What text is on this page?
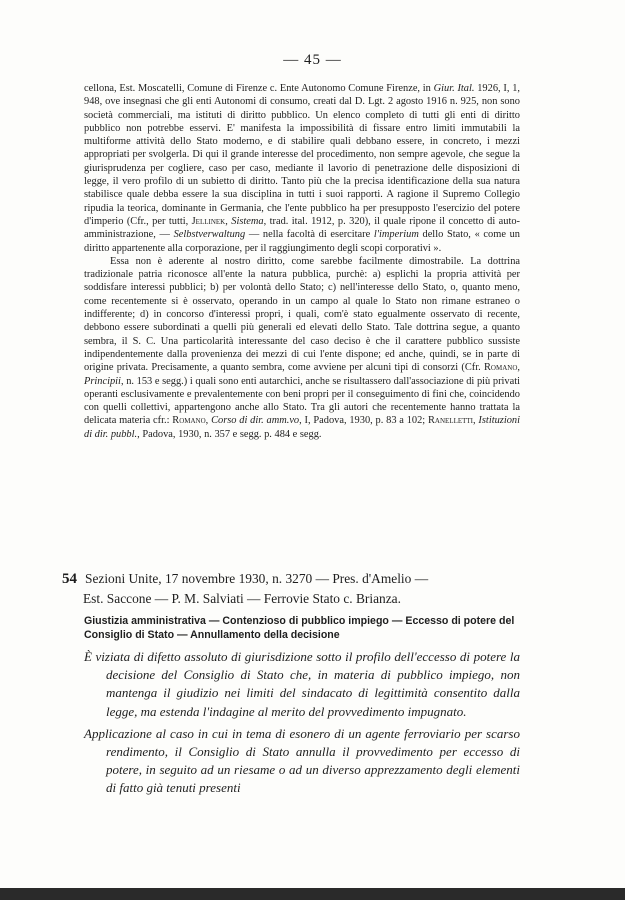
— 45 —

cellona, Est. Moscatelli, Comune di Firenze c. Ente Autonomo Comune Firenze, in Giur. Ital. 1926, I, 1, 948, ove insegnasi che gli enti Autonomi di consumo, creati dal D. Lgt. 2 agosto 1916 n. 925, non sono società commerciali, ma istituti di diritto pubblico. Un elenco completo di tutti gli enti di diritto pubblico non potrebbe esservi. E' manifesta la impossibilità di fissare entro limiti immutabili la multiforme attività dello Stato moderno, e di stabilire quali debbano essere, in concreto, i mezzi appropriati per svolgerla. Di qui il grande interesse del procedimento, non sempre agevole, che segue la giurisprudenza per cogliere, caso per caso, mediante il lavorio di penetrazione delle disposizioni di legge, il vero profilo di un subietto di diritto. Tanto più che la precisa identificazione della sua natura stabilisce quale debba essere la sua disciplina in tutti i suoi rapporti. A ragione il Supremo Collegio ripudia la teorica, dominante in Germania, che l'ente pubblico ha per presupposto l'esercizio del potere d'imperio (Cfr., per tutti, Jellinek, Sistema, trad. ital. 1912, p. 320), il quale ripone il concetto di auto-amministrazione, — Selbstverwaltung — nella facoltà di esercitare l'imperium dello Stato, « come un diritto appartenente alla corporazione, per il raggiungimento degli scopi corporativi ».

Essa non è aderente al nostro diritto, come sarebbe facilmente dimostrabile. La dottrina tradizionale patria riconosce all'ente la natura pubblica, purchè: a) esplichi la propria attività per soddisfare interessi pubblici; b) per volontà dello Stato; c) nell'interesse dello Stato, o, quanto meno, come recentemente si è osservato, operando in un campo al quale lo Stato non rimane estraneo o indifferente; d) in concorso d'interessi propri, i quali, com'è stato egualmente osservato di recente, debbono essere subordinati a quelli più generali ed elevati dello Stato. Tale dottrina segue, a quanto sembra, il S. C. Una particolarità interessante del caso deciso è che il carattere pubblico sussiste indipendentemente dalla provenienza dei mezzi di cui l'ente dispone; ed anche, quindi, se in parte di origine privata. Precisamente, a quanto sembra, come avviene per alcuni tipi di consorzi (Cfr. Romano, Principii, n. 153 e segg.) i quali sono enti autarchici, anche se risultassero dall'associazione di più privati operanti esclusivamente e prevalentemente con beni propri per il conseguimento di fini che, coincidendo con quelli collettivi, appartengono anche allo Stato. Tra gli autori che recentemente hanno trattata la delicata materia cfr.: Romano, Corso di dir. amm.vo, I, Padova, 1930, p. 83 a 102; Ranelletti, Istituzioni di dir. pubbl., Padova, 1930, n. 357 e segg. p. 484 e segg.

54 Sezioni Unite, 17 novembre 1930, n. 3270 — Pres. d'Amelio —
Est. Saccone — P. M. Salviati — Ferrovie Stato c. Brianza.
Giustizia amministrativa — Contenzioso di pubblico impiego — Eccesso di potere del Consiglio di Stato — Annullamento della decisione

È viziata di difetto assoluto di giurisdizione sotto il profilo dell'eccesso di potere la decisione del Consiglio di Stato che, in materia di pubblico impiego, non mantenga il giudizio nei limiti del sindacato di legittimità consentito dalla legge, ma estenda l'indagine al merito del provvedimento impugnato.

Applicazione al caso in cui in tema di esonero di un agente ferroviario per scarso rendimento, il Consiglio di Stato annulla il provvedimento per eccesso di potere, in seguito ad un riesame o ad un diverso apprezzamento degli elementi di fatto già tenuti presenti
